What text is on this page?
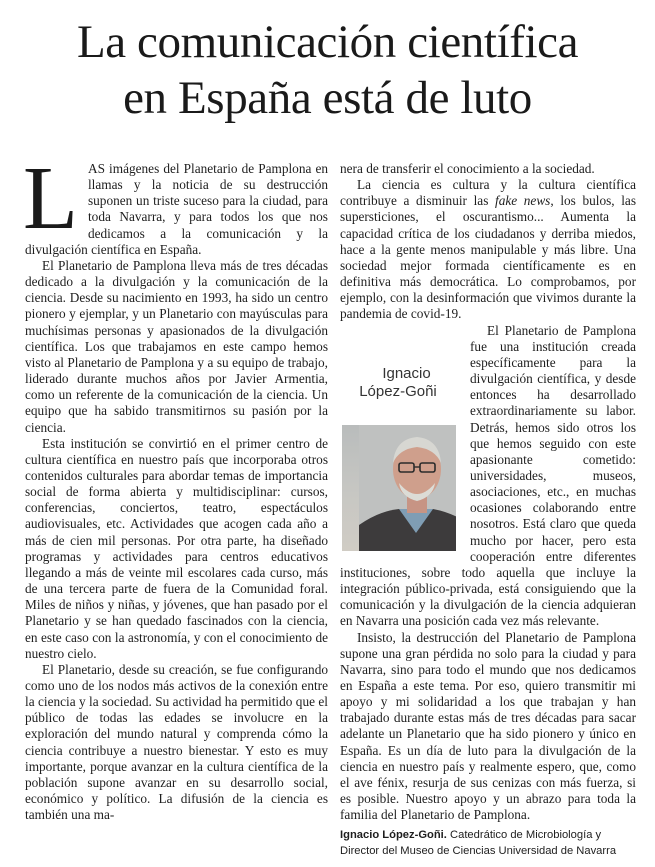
La comunicación científica
en España está de luto

LAS imágenes del Planetario de Pamplona en llamas y la noticia de su destrucción suponen un triste suceso para la ciudad, para toda Navarra, y para todos los que nos dedicamos a la comunicación y la divulgación científica en España.

El Planetario de Pamplona lleva más de tres décadas dedicado a la divulgación y la comunicación de la ciencia. Desde su nacimiento en 1993, ha sido un centro pionero y ejemplar, y un Planetario con mayúsculas para muchísimas personas y apasionados de la divulgación científica. Los que trabajamos en este campo hemos visto al Planetario de Pamplona y a su equipo de trabajo, liderado durante muchos años por Javier Armentia, como un referente de la comunicación de la ciencia. Un equipo que ha sabido transmitirnos su pasión por la ciencia.

Esta institución se convirtió en el primer centro de cultura científica en nuestro país que incorporaba otros contenidos culturales para abordar temas de importancia social de forma abierta y multidisciplinar: cursos, conferencias, conciertos, teatro, espectáculos audiovisuales, etc. Actividades que acogen cada año a más de cien mil personas. Por otra parte, ha diseñado programas y actividades para centros educativos llegando a más de veinte mil escolares cada curso, más de una tercera parte de fuera de la Comunidad foral. Miles de niños y niñas, y jóvenes, que han pasado por el Planetario y se han quedado fascinados con la ciencia, en este caso con la astronomía, y con el conocimiento de nuestro cielo.

El Planetario, desde su creación, se fue configurando como uno de los nodos más activos de la conexión entre la ciencia y la sociedad. Su actividad ha permitido que el público de todas las edades se involucre en la exploración del mundo natural y comprenda cómo la ciencia contribuye a nuestro bienestar. Y esto es muy importante, porque avanzar en la cultura científica de la población supone avanzar en su desarrollo social, económico y político. La difusión de la ciencia es también una ma-

nera de transferir el conocimiento a la sociedad.

La ciencia es cultura y la cultura científica contribuye a disminuir las fake news, los bulos, las supersticiones, el oscurantismo... Aumenta la capacidad crítica de los ciudadanos y derriba miedos, hace a la gente menos manipulable y más libre. Una sociedad mejor formada científicamente es en definitiva más democrática. Lo comprobamos, por ejemplo, con la desinformación que vivimos durante la pandemia de covid-19.

Ignacio
López-Goñi
El Planetario de Pamplona fue una institución creada específicamente para la divulgación científica, y desde entonces ha desarrollado extraordinariamente su labor. Detrás, hemos sido otros los que hemos seguido con este apasionante cometido: universidades, museos, asociaciones, etc., en muchas ocasiones colaborando entre nosotros. Está claro que queda mucho por hacer, pero esta cooperación entre diferentes instituciones, sobre todo aquella que incluye la integración público-privada, está consiguiendo que la comunicación y la divulgación de la ciencia adquieran en Navarra una posición cada vez más relevante.

Insisto, la destrucción del Planetario de Pamplona supone una gran pérdida no solo para la ciudad y para Navarra, sino para todo el mundo que nos dedicamos en España a este tema. Por eso, quiero transmitir mi apoyo y mi solidaridad a los que trabajan y han trabajado durante estas más de tres décadas para sacar adelante un Planetario que ha sido pionero y único en España. Es un día de luto para la divulgación de la ciencia en nuestro país y realmente espero, que, como el ave fénix, resurja de sus cenizas con más fuerza, si es posible. Nuestro apoyo y un abrazo para toda la familia del Planetario de Pamplona.

Ignacio López-Goñi. Catedrático de Microbiología y Director del Museo de Ciencias Universidad de Navarra
